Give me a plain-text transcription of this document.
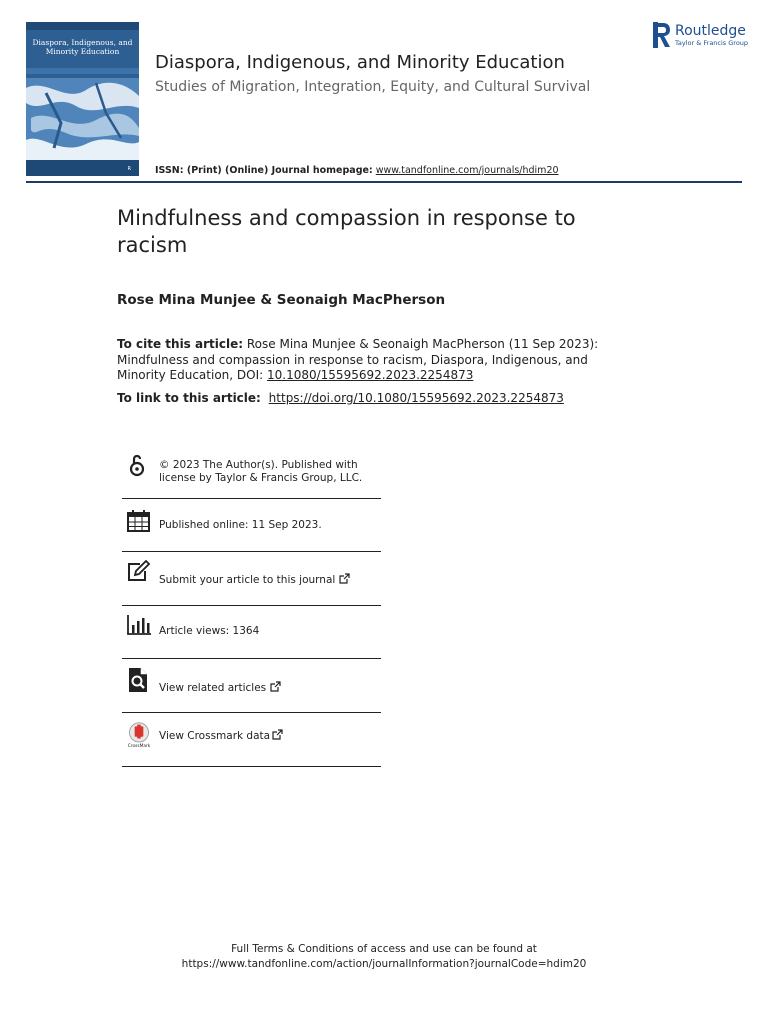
Diaspora, Indigenous, and
Minority Education
R
Diaspora, Indigenous, and Minority Education
Studies of Migration, Integration, Equity, and Cultural Survival
ISSN: (Print) (Online) Journal homepage: www.tandfonline.com/journals/hdim20
Routledge
Taylor & Francis Group
Mindfulness and compassion in response to racism
Rose Mina Munjee & Seonaigh MacPherson
To cite this article: Rose Mina Munjee & Seonaigh MacPherson (11 Sep 2023): Mindfulness and compassion in response to racism, Diaspora, Indigenous, and Minority Education, DOI: 10.1080/15595692.2023.2254873
To link to this article: https://doi.org/10.1080/15595692.2023.2254873
© 2023 The Author(s). Published with license by Taylor & Francis Group, LLC.
Published online: 11 Sep 2023.
Submit your article to this journal
Article views: 1364
View related articles
CrossMark
View Crossmark data
Full Terms & Conditions of access and use can be found at
https://www.tandfonline.com/action/journalInformation?journalCode=hdim20
